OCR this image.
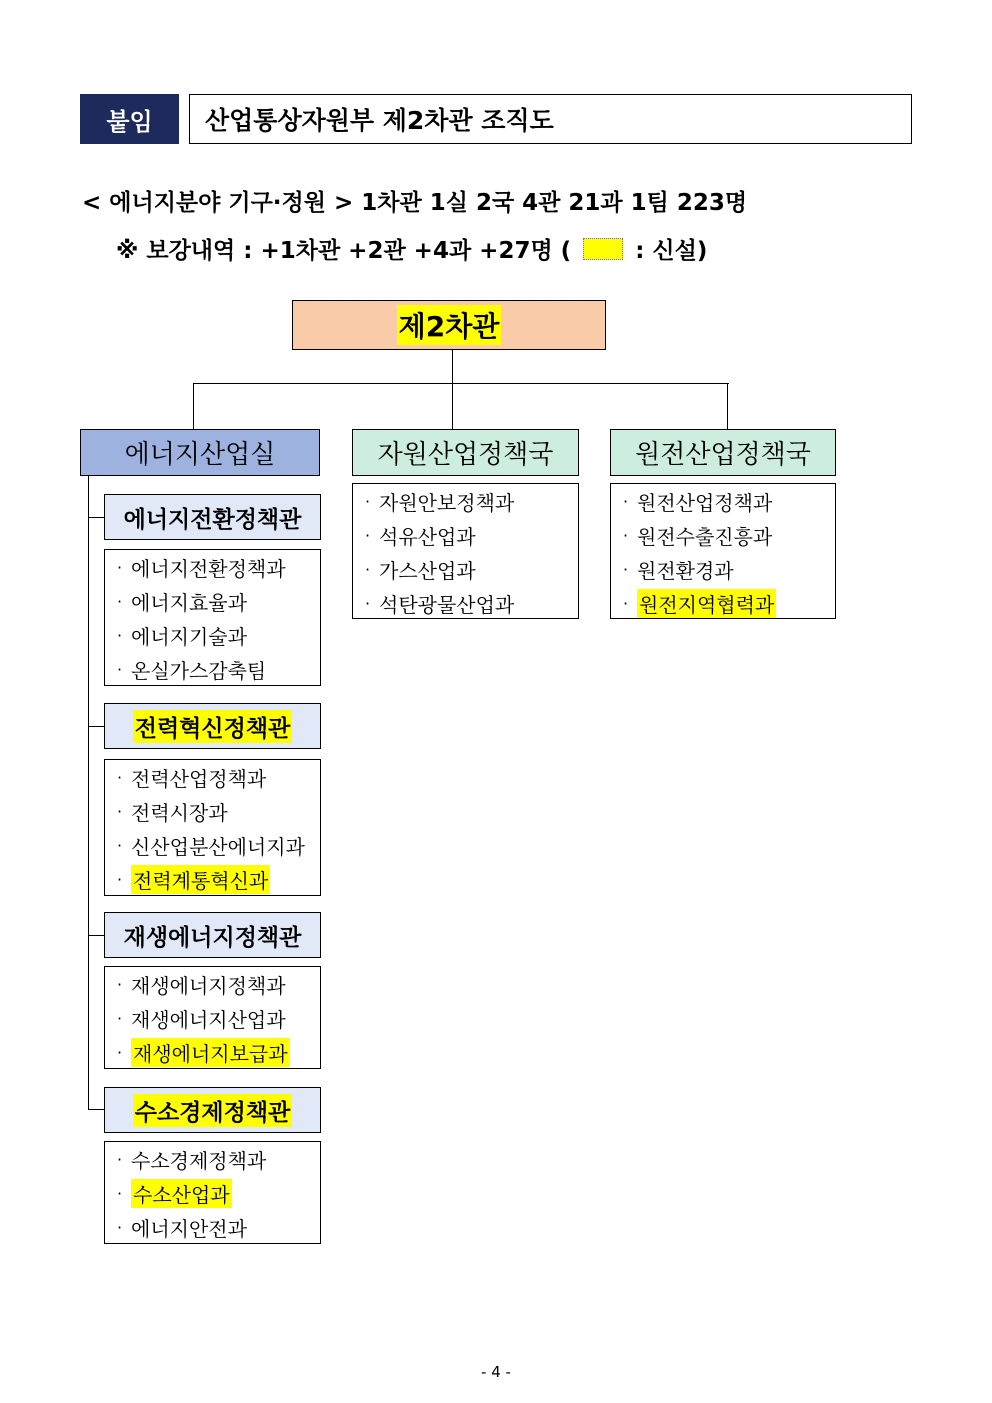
붙임	산업통상자원부 제2차관 조직도
< 에너지분야 기구·정원 > 1차관 1실 2국 4관 21과 1팀 223명
※ 보강내역 : +1차관 +2관 +4과 +27명 (  : 신설)
제2차관
에너지산업실	자원산업정책국	원전산업정책국
· 자원안보정책과
· 석유산업과
· 가스산업과
· 석탄광물산업과
· 원전산업정책과
· 원전수출진흥과
· 원전환경과
· 원전지역협력과
에너지전환정책관
· 에너지전환정책과
· 에너지효율과
· 에너지기술과
· 온실가스감축팀
전력혁신정책관
· 전력산업정책과
· 전력시장과
· 신산업분산에너지과
· 전력계통혁신과
재생에너지정책관
· 재생에너지정책과
· 재생에너지산업과
· 재생에너지보급과
수소경제정책관
· 수소경제정책과
· 수소산업과
· 에너지안전과
- 4 -
